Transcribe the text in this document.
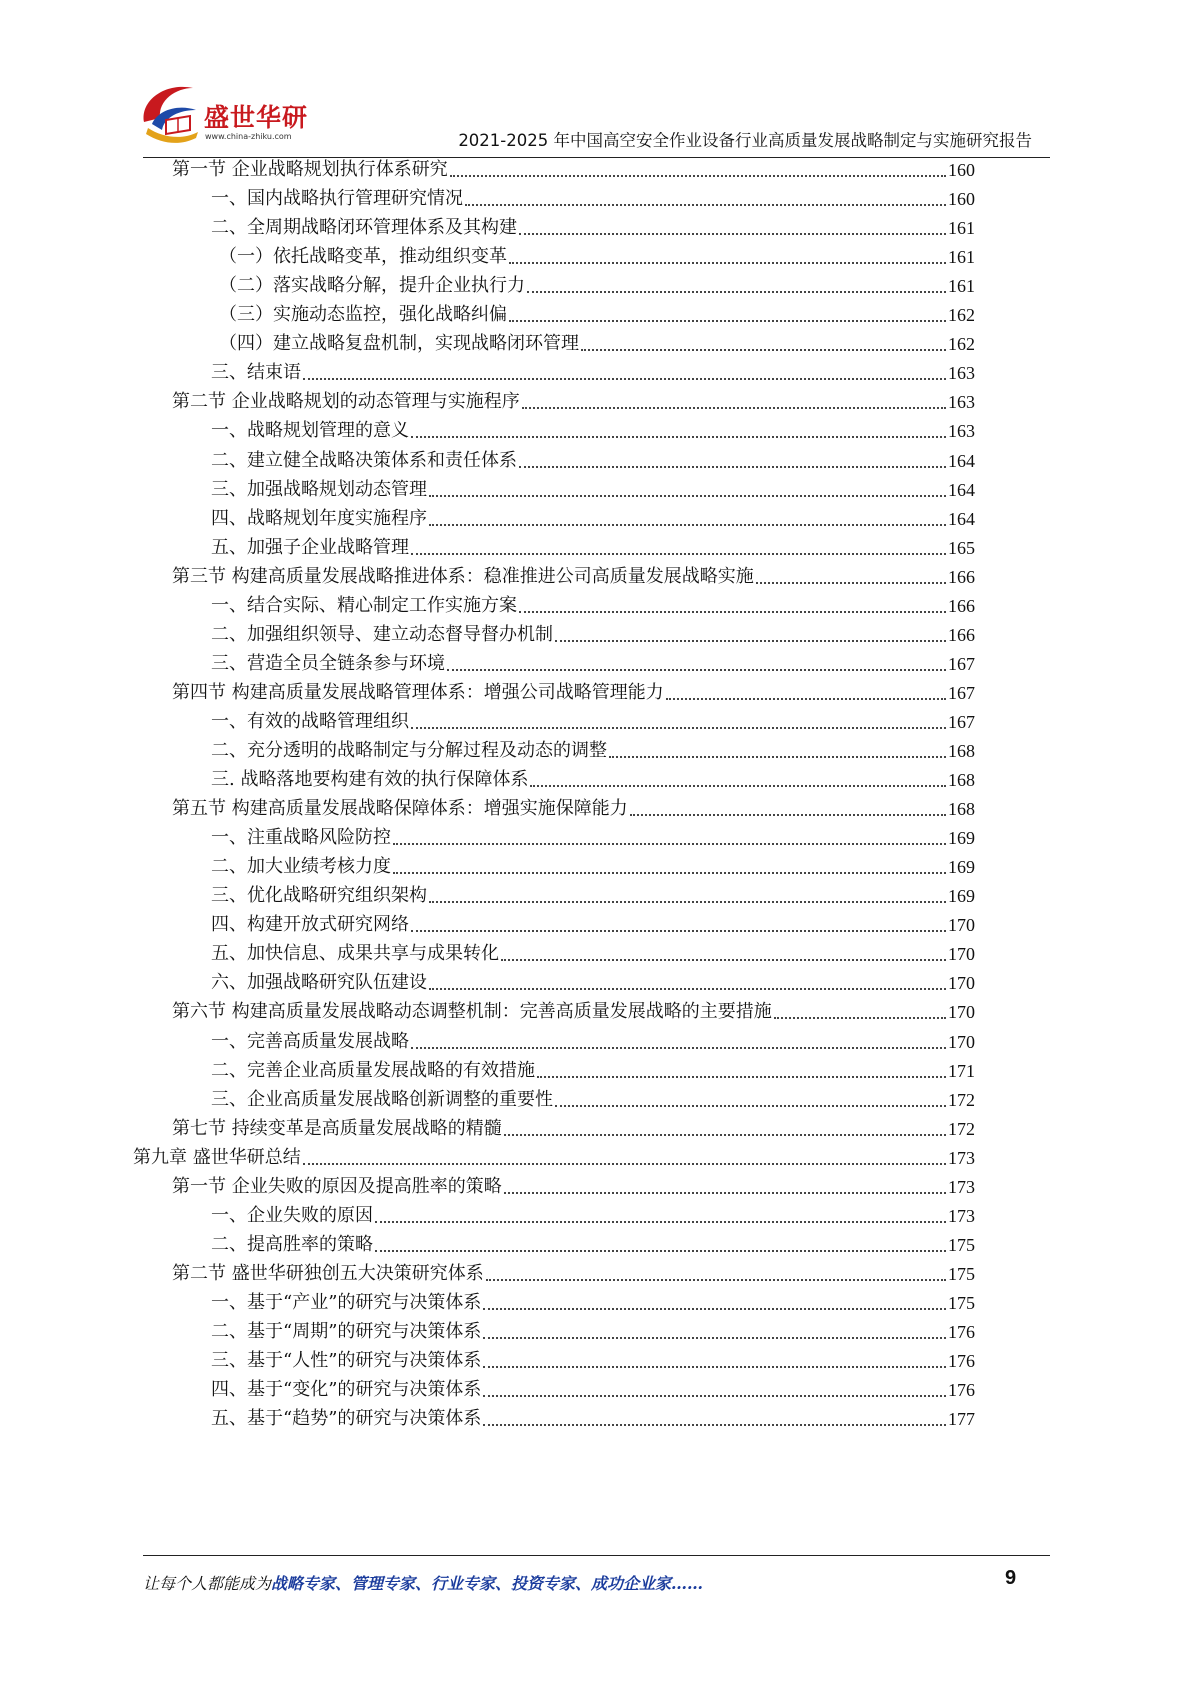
盛世华研
www.china-zhiku.com	2021-2025 年中国高空安全作业设备行业高质量发展战略制定与实施研究报告
第一节 企业战略规划执行体系研究	160
一、国内战略执行管理研究情况	160
二、全周期战略闭环管理体系及其构建	161
（一）依托战略变革，推动组织变革	161
（二）落实战略分解，提升企业执行力	161
（三）实施动态监控，强化战略纠偏	162
（四）建立战略复盘机制，实现战略闭环管理	162
三、结束语	163
第二节 企业战略规划的动态管理与实施程序	163
一、战略规划管理的意义	163
二、建立健全战略决策体系和责任体系	164
三、加强战略规划动态管理	164
四、战略规划年度实施程序	164
五、加强子企业战略管理	165
第三节 构建高质量发展战略推进体系：稳准推进公司高质量发展战略实施	166
一、结合实际、精心制定工作实施方案	166
二、加强组织领导、建立动态督导督办机制	166
三、营造全员全链条参与环境	167
第四节 构建高质量发展战略管理体系：增强公司战略管理能力	167
一、有效的战略管理组织	167
二、充分透明的战略制定与分解过程及动态的调整	168
三. 战略落地要构建有效的执行保障体系	168
第五节 构建高质量发展战略保障体系：增强实施保障能力	168
一、注重战略风险防控	169
二、加大业绩考核力度	169
三、优化战略研究组织架构	169
四、构建开放式研究网络	170
五、加快信息、成果共享与成果转化	170
六、加强战略研究队伍建设	170
第六节 构建高质量发展战略动态调整机制：完善高质量发展战略的主要措施	170
一、完善高质量发展战略	170
二、完善企业高质量发展战略的有效措施	171
三、企业高质量发展战略创新调整的重要性	172
第七节 持续变革是高质量发展战略的精髓	172
第九章 盛世华研总结	173
第一节 企业失败的原因及提高胜率的策略	173
一、企业失败的原因	173
二、提高胜率的策略	175
第二节 盛世华研独创五大决策研究体系	175
一、基于“产业”的研究与决策体系	175
二、基于“周期”的研究与决策体系	176
三、基于“人性”的研究与决策体系	176
四、基于“变化”的研究与决策体系	176
五、基于“趋势”的研究与决策体系	177
让每个人都能成为战略专家、管理专家、行业专家、投资专家、成功企业家……	9
